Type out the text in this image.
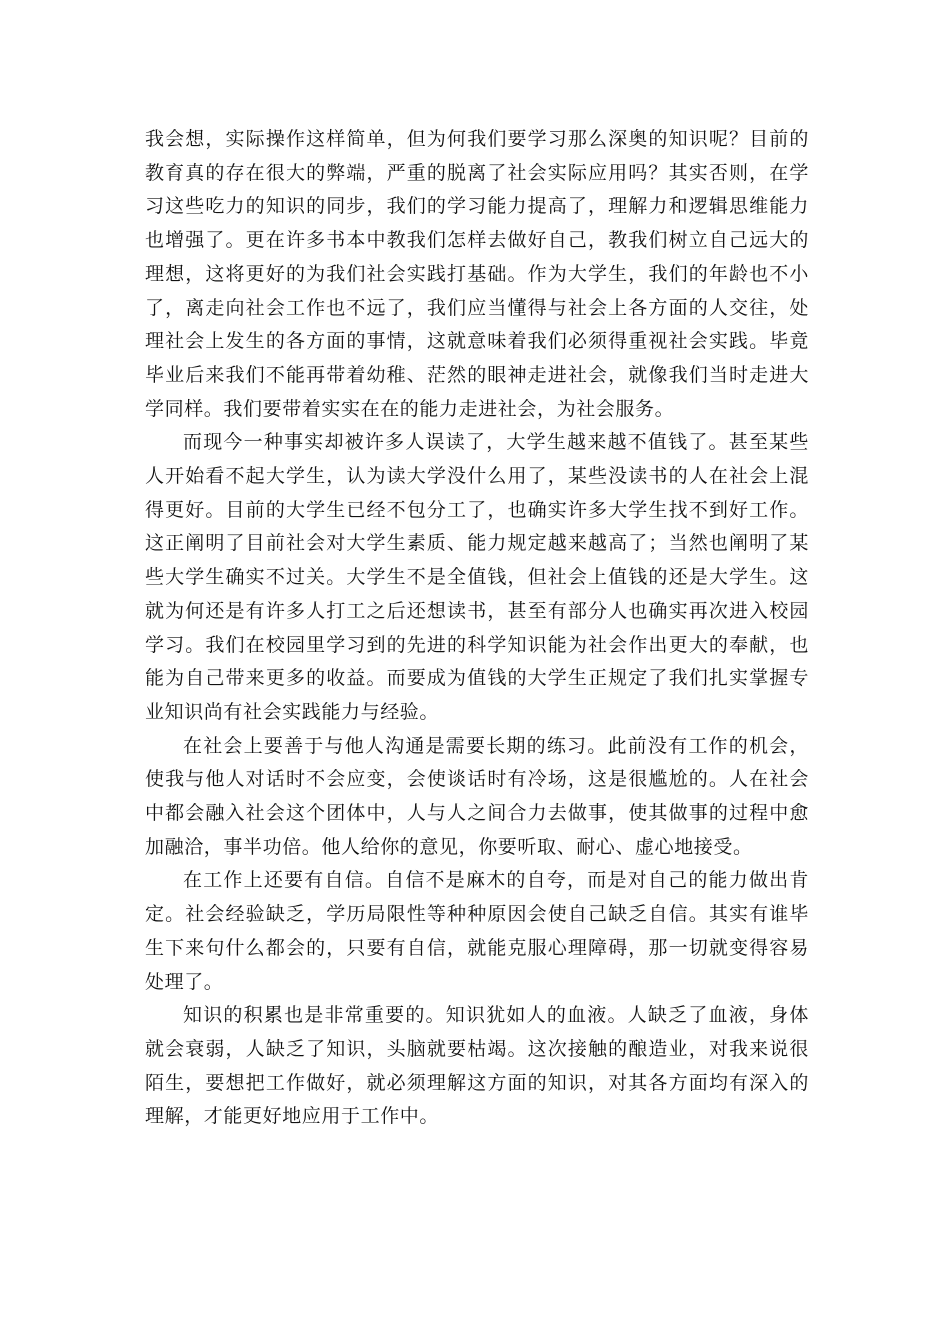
我会想，实际操作这样简单，但为何我们要学习那么深奥的知识呢？目前的教育真的存在很大的弊端，严重的脱离了社会实际应用吗？其实否则，在学习这些吃力的知识的同步，我们的学习能力提高了，理解力和逻辑思维能力也增强了。更在许多书本中教我们怎样去做好自己，教我们树立自己远大的理想，这将更好的为我们社会实践打基础。作为大学生，我们的年龄也不小了，离走向社会工作也不远了，我们应当懂得与社会上各方面的人交往，处理社会上发生的各方面的事情，这就意味着我们必须得重视社会实践。毕竟毕业后来我们不能再带着幼稚、茫然的眼神走进社会，就像我们当时走进大学同样。我们要带着实实在在的能力走进社会，为社会服务。

而现今一种事实却被许多人误读了，大学生越来越不值钱了。甚至某些人开始看不起大学生，认为读大学没什么用了，某些没读书的人在社会上混得更好。目前的大学生已经不包分工了，也确实许多大学生找不到好工作。这正阐明了目前社会对大学生素质、能力规定越来越高了；当然也阐明了某些大学生确实不过关。大学生不是全值钱，但社会上值钱的还是大学生。这就为何还是有许多人打工之后还想读书，甚至有部分人也确实再次进入校园学习。我们在校园里学习到的先进的科学知识能为社会作出更大的奉献，也能为自己带来更多的收益。而要成为值钱的大学生正规定了我们扎实掌握专业知识尚有社会实践能力与经验。

在社会上要善于与他人沟通是需要长期的练习。此前没有工作的机会，使我与他人对话时不会应变，会使谈话时有冷场，这是很尴尬的。人在社会中都会融入社会这个团体中，人与人之间合力去做事，使其做事的过程中愈加融洽，事半功倍。他人给你的意见，你要听取、耐心、虚心地接受。

在工作上还要有自信。自信不是麻木的自夸，而是对自己的能力做出肯定。社会经验缺乏，学历局限性等种种原因会使自己缺乏自信。其实有谁毕生下来句什么都会的，只要有自信，就能克服心理障碍，那一切就变得容易处理了。

知识的积累也是非常重要的。知识犹如人的血液。人缺乏了血液，身体就会衰弱，人缺乏了知识，头脑就要枯竭。这次接触的酿造业，对我来说很陌生，要想把工作做好，就必须理解这方面的知识，对其各方面均有深入的理解，才能更好地应用于工作中。
